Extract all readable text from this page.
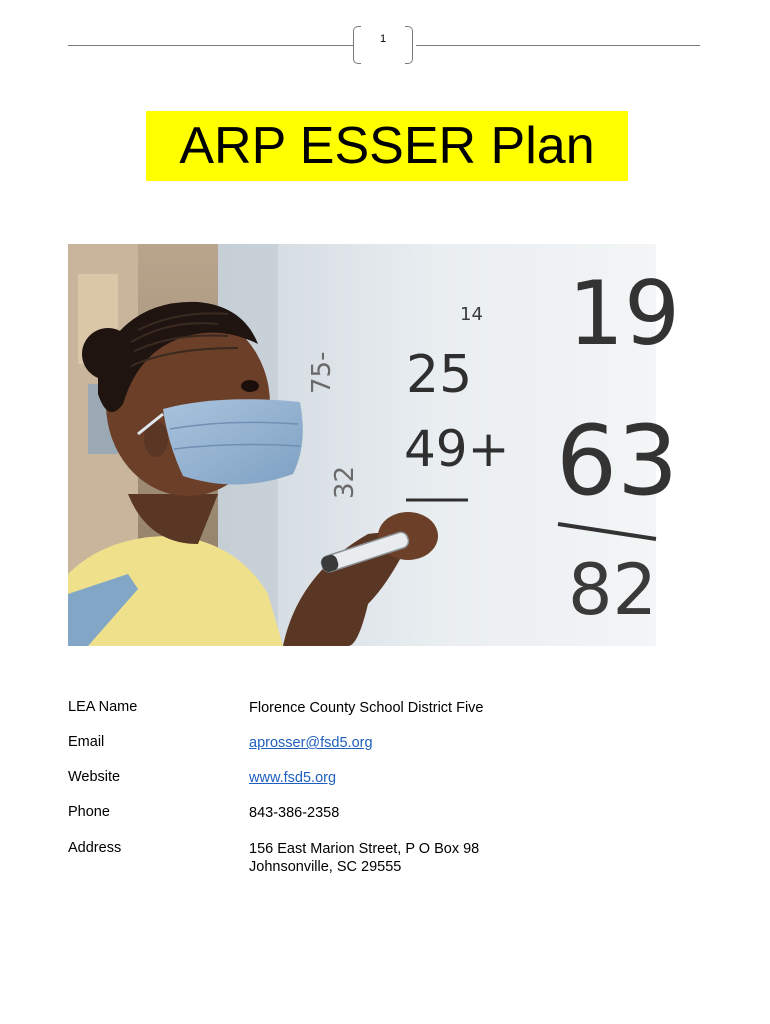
1
ARP ESSER Plan
14
25
49+
19
63
82
75-
32
LEA Name	Florence County School District Five
Email	aprosser@fsd5.org
Website	www.fsd5.org
Phone	843-386-2358
Address	156 East Marion Street, P O Box 98
Johnsonville, SC 29555
